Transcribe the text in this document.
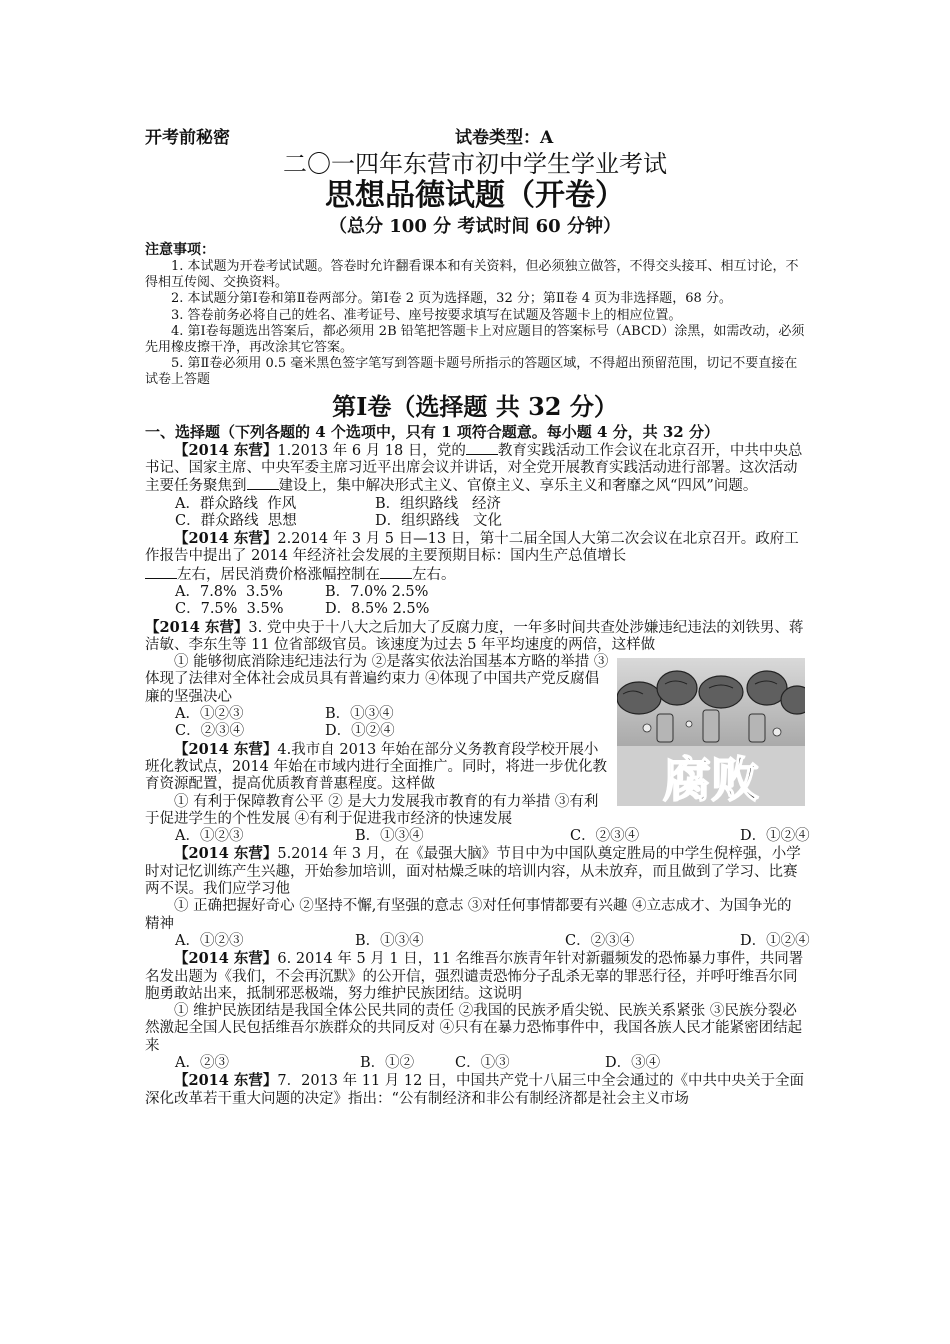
开考前秘密	试卷类型：A
二〇一四年东营市初中学生学业考试
思想品德试题（开卷）
（总分 100 分 考试时间 60 分钟）
注意事项：

1. 本试题为开卷考试试题。答卷时允许翻看课本和有关资料，但必须独立做答，不得交头接耳、相互讨论，不得相互传阅、交换资料。

2. 本试题分第Ⅰ卷和第Ⅱ卷两部分。第Ⅰ卷 2 页为选择题，32 分；第Ⅱ卷 4 页为非选择题，68 分。

3. 答卷前务必将自己的姓名、准考证号、座号按要求填写在试题及答题卡上的相应位置。

4. 第Ⅰ卷每题选出答案后，都必须用 2B 铅笔把答题卡上对应题目的答案标号（ABCD）涂黑，如需改动，必须先用橡皮擦干净，再改涂其它答案。

5. 第Ⅱ卷必须用 0.5 毫米黑色签字笔写到答题卡题号所指示的答题区域，不得超出预留范围，切记不要直接在试卷上答题

第Ⅰ卷（选择题 共 32 分）
一、选择题（下列各题的 4 个选项中，只有 1 项符合题意。每小题 4 分，共 32 分）

【2014 东营】1.2013 年 6 月 18 日，党的 教育实践活动工作会议在北京召开，中共中央总书记、国家主席、中央军委主席习近平出席会议并讲话，对全党开展教育实践活动进行部署。这次活动主要任务聚焦到 建设上，集中解决形式主义、官僚主义、享乐主义和奢靡之风“四风”问题。

A．群众路线  作风	B．组织路线   经济
C．群众路线  思想	D．组织路线   文化

【2014 东营】2.2014 年 3 月 5 日—13 日，第十二届全国人大第二次会议在北京召开。政府工作报告中提出了 2014 年经济社会发展的主要预期目标：国内生产总值增长
左右，居民消费价格涨幅控制在 左右。

A．7.8%  3.5%	B．7.0% 2.5%
C．7.5%  3.5%	D．8.5% 2.5%

【2014 东营】3. 党中央于十八大之后加大了反腐力度，一年多时间共查处涉嫌违纪违法的刘铁男、蒋洁敏、李东生等 11 位省部级官员。该速度为过去 5 年平均速度的两倍，这样做

腐败

① 能够彻底消除违纪违法行为 ②是落实依法治国基本方略的举措 ③体现了法律对全体社会成员具有普遍约束力 ④体现了中国共产党反腐倡廉的坚强决心

A．①②③	B．①③④
C．②③④	D．①②④

【2014 东营】4.我市自 2013 年始在部分义务教育段学校开展小班化教试点，2014 年始在市域内进行全面推广。同时，将进一步优化教育资源配置，提高优质教育普惠程度。这样做

① 有利于保障教育公平 ② 是大力发展我市教育的有力举措 ③有利于促进学生的个性发展 ④有利于促进我市经济的快速发展

A．①②③	B．①③④	C．②③④	D．①②④

【2014 东营】5.2014 年 3 月，在《最强大脑》节目中为中国队奠定胜局的中学生倪梓强，小学时对记忆训练产生兴趣，开始参加培训，面对枯燥乏味的培训内容，从未放弃，而且做到了学习、比赛两不误。我们应学习他

① 正确把握好奇心 ②坚持不懈,有坚强的意志 ③对任何事情都要有兴趣 ④立志成才、为国争光的精神

A．①②③	B．①③④	C．②③④	D．①②④

【2014 东营】6. 2014 年 5 月 1 日，11 名维吾尔族青年针对新疆频发的恐怖暴力事件，共同署名发出题为《我们，不会再沉默》的公开信，强烈谴责恐怖分子乱杀无辜的罪恶行径，并呼吁维吾尔同胞勇敢站出来，抵制邪恶极端，努力维护民族团结。这说明

① 维护民族团结是我国全体公民共同的责任 ②我国的民族矛盾尖锐、民族关系紧张 ③民族分裂必然激起全国人民包括维吾尔族群众的共同反对 ④只有在暴力恐怖事件中，我国各族人民才能紧密团结起来

A．②③	B．①②	C．①③	D．③④

【2014 东营】7．2013 年 11 月 12 日，中国共产党十八届三中全会通过的《中共中央关于全面深化改革若干重大问题的决定》指出：“公有制经济和非公有制经济都是社会主义市场
